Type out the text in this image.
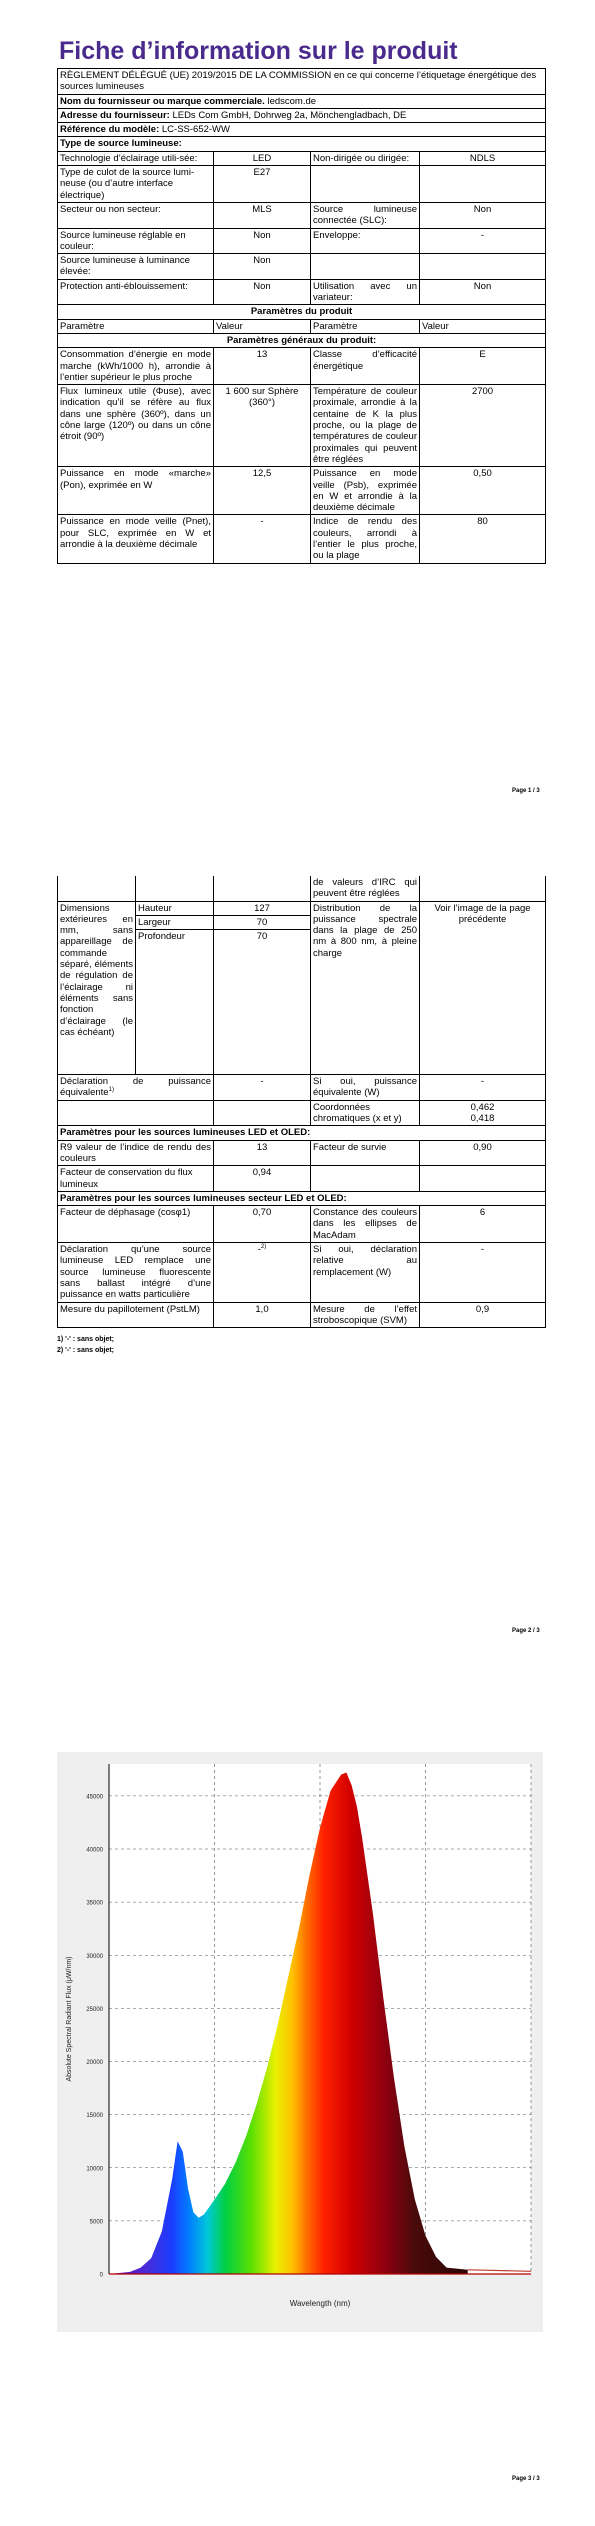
Fiche d’information sur le produit
RÈGLEMENT DÉLÉGUÉ (UE) 2019/2015 DE LA COMMISSION en ce qui concerne l’étiquetage énergétique des sources lumineuses			
Nom du fournisseur ou marque commerciale. ledscom.de			
Adresse du fournisseur: LEDs Com GmbH, Dohrweg 2a, Mönchengladbach, DE			
Référence du modèle: LC-SS-652-WW			
Type de source lumineuse:			
Technologie d’éclairage utili-sée:	LED	Non-dirigée ou dirigée:	NDLS
Type de culot de la source lumi-neuse (ou d’autre interface électrique)	E27		
Secteur ou non secteur:	MLS	Source lumineuse connectée (SLC):	Non
Source lumineuse réglable en couleur:	Non	Enveloppe:	-
Source lumineuse à luminance élevée:	Non		
Protection anti-éblouissement:	Non	Utilisation avec un variateur:	Non
Paramètres du produit			
Paramètre	Valeur	Paramètre	Valeur
Paramètres généraux du produit:			
Consommation d’énergie en mode marche (kWh/1000 h), arrondie à l’entier supérieur le plus proche	13	Classe d’efficacité énergétique	E
Flux lumineux utile (Φuse), avec indication qu’il se réfère au flux dans une sphère (360º), dans un cône large (120º) ou dans un cône étroit (90º)	1 600 sur Sphère (360°)	Température de couleur proximale, arrondie à la centaine de K la plus proche, ou la plage de températures de couleur proximales qui peuvent être réglées	2700
Puissance en mode «marche» (Pon), exprimée en W	12,5	Puissance en mode veille (Psb), exprimée en W et arrondie à la deuxième décimale	0,50
Puissance en mode veille (Pnet), pour SLC, exprimée en W et arrondie à la deuxième décimale	-	Indice de rendu des couleurs, arrondi à l’entier le plus proche, ou la plage	80
Page 1 / 3
			de valeurs d’IRC qui peuvent être réglées	
Dimensions extérieures en mm, sans appareillage de commande séparé, éléments de régulation de l’éclairage ni éléments sans fonction d’éclairage (le cas échéant)	Hauteur	127	Distribution de la puissance spectrale dans la plage de 250 nm à 800 nm, à pleine charge	Voir l’image de la page précédente
	Largeur	70		
	Profondeur	70		
Déclaration de puissance équivalente$^{1)}$		-	Si oui, puissance équivalente (W)	-
			Coordonnées chromatiques (x et y)	0,462
0,418

Paramètres pour les sources lumineuses LED et OLED:				
R9 valeur de l’indice de rendu des couleurs		13	Facteur de survie	0,90
Facteur de conservation du flux lumineux		0,94		
Paramètres pour les sources lumineuses secteur LED et OLED:				
Facteur de déphasage (cosφ1)		0,70	Constance des couleurs dans les ellipses de MacAdam	6
Déclaration qu’une source lumineuse LED remplace une source lumineuse fluorescente sans ballast intégré d’une puissance en watts particulière		-$^{2)}$	Si oui, déclaration relative au remplacement (W)	-
Mesure du papillotement (PstLM)		1,0	Mesure de l’effet stroboscopique (SVM)	0,9
1) '-' : sans objet;
2) '-' : sans objet;
Page 2 / 3
0
5000
10000
15000
20000
25000
30000
35000
40000
45000
Wavelength (nm)
Absolute Spectral Radiant Flux (μW/nm)
Page 3 / 3
